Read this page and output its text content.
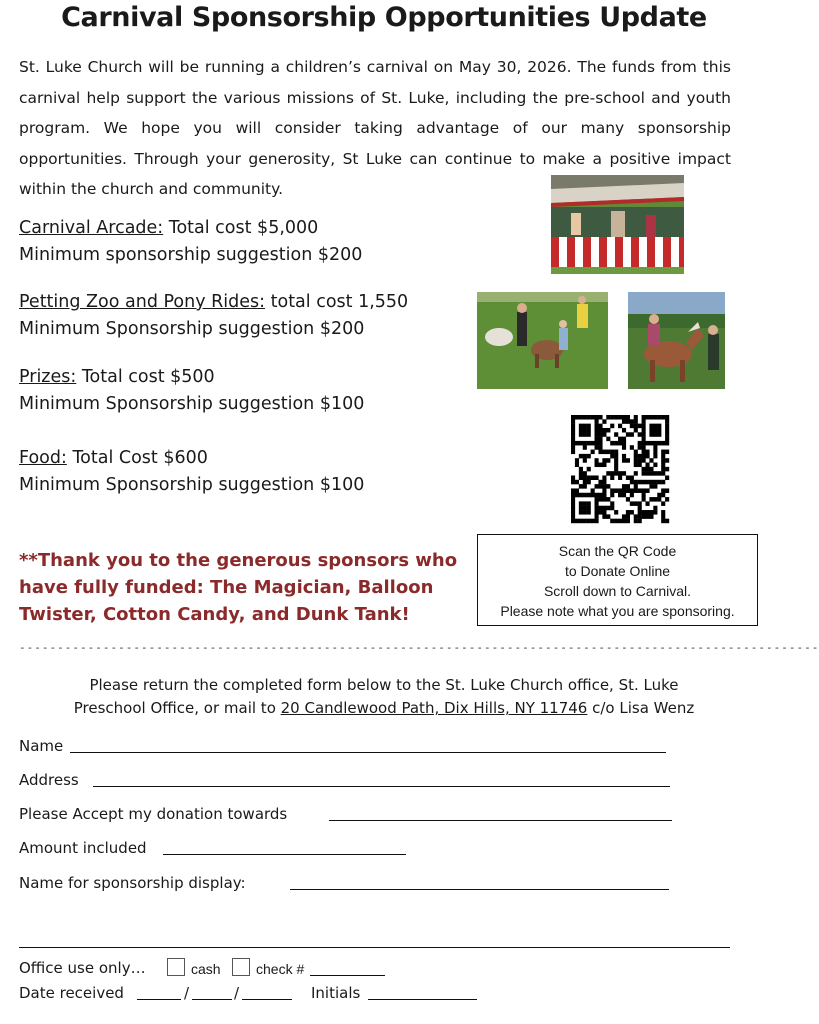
Carnival Sponsorship Opportunities Update

St. Luke Church will be running a children’s carnival on May 30, 2026. The funds from this carnival help support the various missions of St. Luke, including the pre-school and youth program. We hope you will consider taking advantage of our many sponsorship opportunities. Through your generosity, St Luke can continue to make a positive impact within the church and community.

Carnival Arcade: Total cost $5,000
Minimum sponsorship suggestion $200
Petting Zoo and Pony Rides: total cost 1,550
Minimum Sponsorship suggestion $200
Prizes: Total cost $500
Minimum Sponsorship suggestion $100
Food: Total Cost $600
Minimum Sponsorship suggestion $100
**Thank you to the generous sponsors who have fully funded: The Magician, Balloon Twister, Cotton Candy, and Dunk Tank!
Scan the QR Code
to Donate Online
Scroll down to Carnival.
Please note what you are sponsoring.
---------------------------------------------------------------------------------------------------------
Please return the completed form below to the St. Luke Church office, St. Luke
Preschool Office, or mail to 20 Candlewood Path, Dix Hills, NY 11746 c/o Lisa Wenz
Name
Address
Please Accept my donation towards
Amount included
Name for sponsorship display:
Office use only…	cash	check #
Date received	/	/	Initials
